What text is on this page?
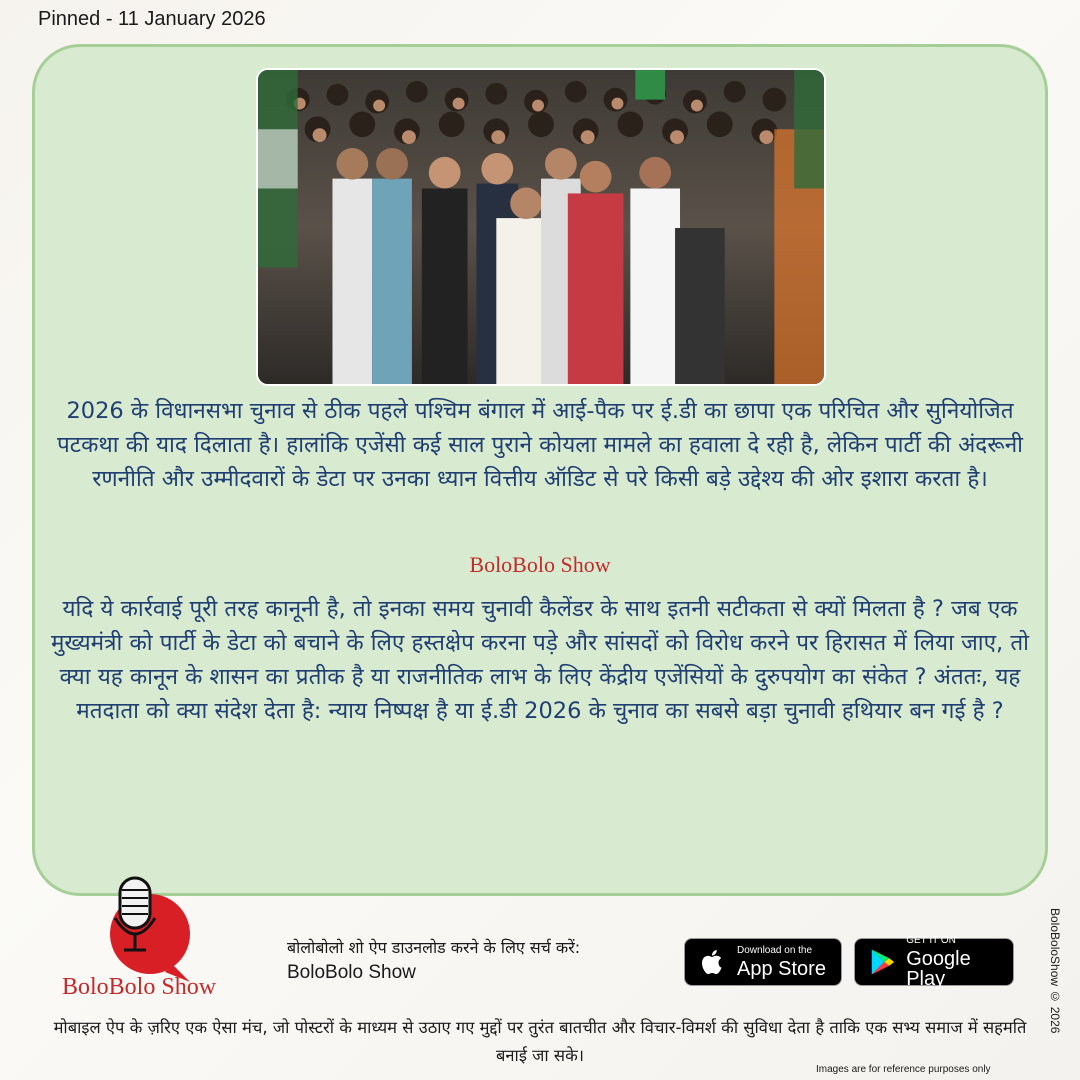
Pinned - 11 January 2026
2026 के विधानसभा चुनाव से ठीक पहले पश्चिम बंगाल में आई-पैक पर ई.डी का छापा एक परिचित और सुनियोजित पटकथा की याद दिलाता है। हालांकि एजेंसी कई साल पुराने कोयला मामले का हवाला दे रही है, लेकिन पार्टी की अंदरूनी रणनीति और उम्मीदवारों के डेटा पर उनका ध्यान वित्तीय ऑडिट से परे किसी बड़े उद्देश्य की ओर इशारा करता है।
BoloBolo Show
यदि ये कार्रवाई पूरी तरह कानूनी है, तो इनका समय चुनावी कैलेंडर के साथ इतनी सटीकता से क्यों मिलता है ? जब एक मुख्यमंत्री को पार्टी के डेटा को बचाने के लिए हस्तक्षेप करना पड़े और सांसदों को विरोध करने पर हिरासत में लिया जाए, तो क्या यह कानून के शासन का प्रतीक है या राजनीतिक लाभ के लिए केंद्रीय एजेंसियों के दुरुपयोग का संकेत ? अंततः, यह मतदाता को क्या संदेश देता है: न्याय निष्पक्ष है या ई.डी 2026 के चुनाव का सबसे बड़ा चुनावी हथियार बन गई है ?
BoloBolo Show
बोलोबोलो शो ऐप डाउनलोड करने के लिए सर्च करें:
BoloBolo Show
Download on the
App Store
GET IT ON
Google Play	BoloBoloShow © 2026
मोबाइल ऐप के ज़रिए एक ऐसा मंच, जो पोस्टरों के माध्यम से उठाए गए मुद्दों पर तुरंत बातचीत और विचार-विमर्श की सुविधा देता है ताकि एक सभ्य समाज में सहमति बनाई जा सके।
Images are for reference purposes only
